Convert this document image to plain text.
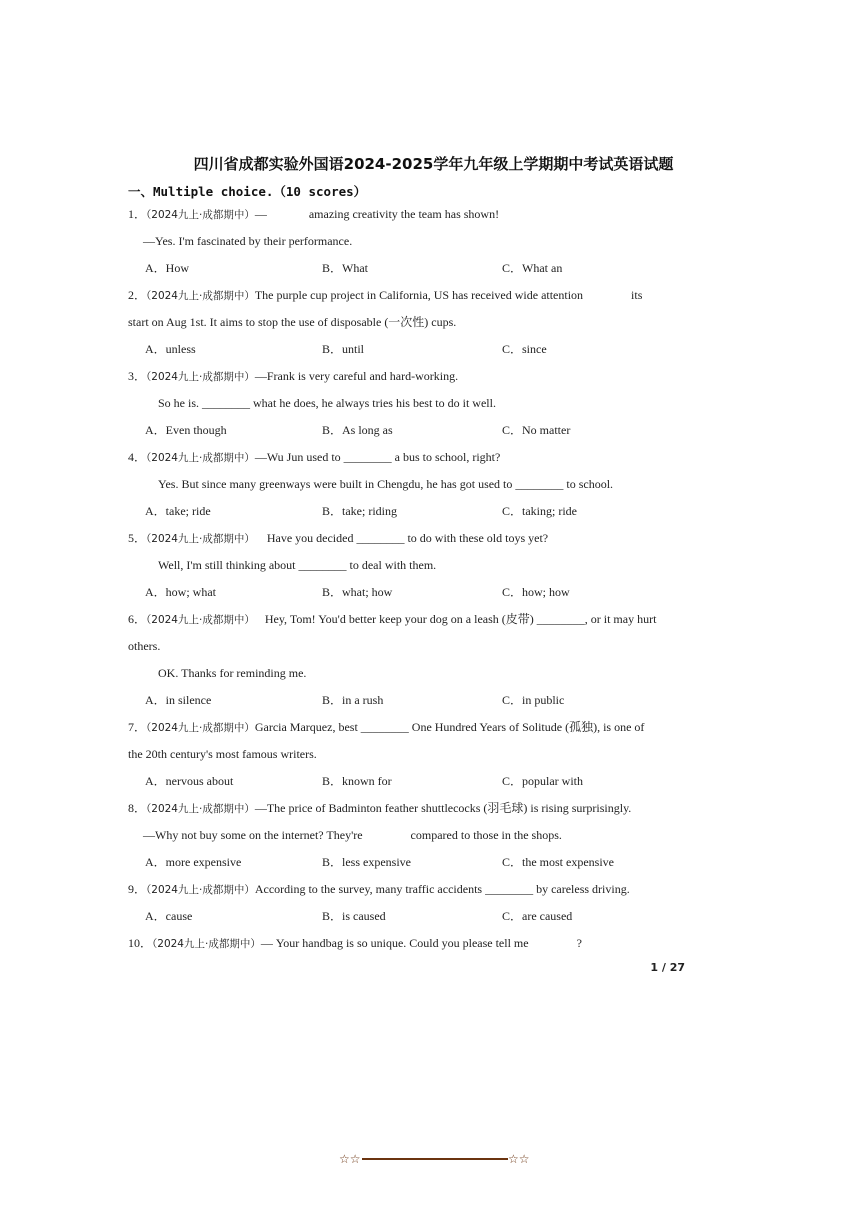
四川省成都实验外国语2024-2025学年九年级上学期期中考试英语试题
一、Multiple choice.（10 scores）
1．（2024九上·成都期中）—              amazing creativity the team has shown!
—Yes. I'm fascinated by their performance.
A．How	B．What	C．What an
2．（2024九上·成都期中）The purple cup project in California, US has received wide attention                its
start on Aug 1st. It aims to stop the use of disposable (一次性) cups.
A．unless	B．until	C．since
3．（2024九上·成都期中）—Frank is very careful and hard-working.
So he is. ________ what he does, he always tries his best to do it well.
A．Even though	B．As long as	C．No matter
4．（2024九上·成都期中）—Wu Jun used to ________ a bus to school, right?
Yes. But since many greenways were built in Chengdu, he has got used to ________ to school.
A．take; ride	B．take; riding	C．taking; ride
5．（2024九上·成都期中） Have you decided ________ to do with these old toys yet?
Well, I'm still thinking about ________ to deal with them.
A．how; what	B．what; how	C．how; how
6．（2024九上·成都期中） Hey, Tom! You'd better keep your dog on a leash (皮带) ________, or it may hurt
others.
OK. Thanks for reminding me.
A．in silence	B．in a rush	C．in public
7．（2024九上·成都期中）Garcia Marquez, best ________ One Hundred Years of Solitude (孤独), is one of
the 20th century's most famous writers.
A．nervous about	B．known for	C．popular with
8．（2024九上·成都期中）—The price of Badminton feather shuttlecocks (羽毛球) is rising surprisingly.
—Why not buy some on the internet? They're                compared to those in the shops.
A．more expensive	B．less expensive	C．the most expensive
9．（2024九上·成都期中）According to the survey, many traffic accidents ________ by careless driving.
A．cause	B．is caused	C．are caused
10．（2024九上·成都期中）— Your handbag is so unique. Could you please tell me                ?
1 / 27
☆☆	☆☆
